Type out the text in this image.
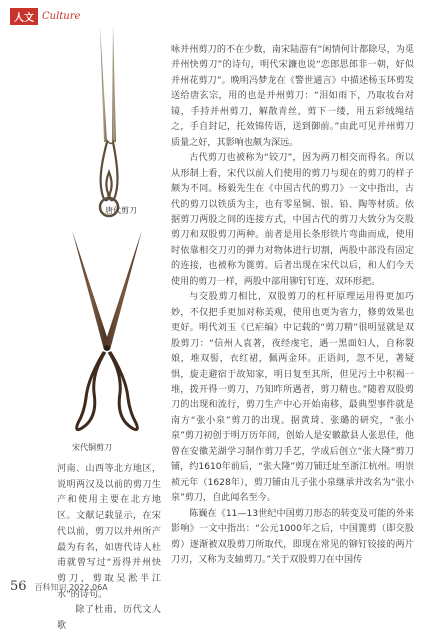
人文 Culture
唐代剪刀
宋代铜剪刀

河南、山西等北方地区，说明两汉及以前的剪刀生产和使用主要在北方地区。文献记载显示，在宋代以前，剪刀以并州所产最为有名，如唐代诗人杜甫就曾写过“焉得并州快剪刀，剪取吴淞半江水”的诗句。

除了杜甫，历代文人歌

咏并州剪刀的不在少数，南宋陆游有“闲情何计都除尽，为觅并州快剪刀”的诗句，明代宋濂也说“恋郎思郎非一朝，好似并州花剪刀”。晚明冯梦龙在《警世通言》中描述杨玉环剪发送给唐玄宗，用的也是并州剪刀：“泪如雨下，乃取妆台对镜，手持并州剪刀，解散青丝，剪下一缕，用五彩绒绳结之，手自封记，托效锦传语，送到御前。”由此可见并州剪刀质量之好，其影响也颇为深远。

古代剪刀也被称为“铰刀”，因为两刀相交而得名。所以从形制上看，宋代以前人们使用的剪刀与现在的剪刀的样子颇为不同。杨毅先生在《中国古代的剪刀》一文中指出，古代的剪刀以铁质为主，也有零星铜、银、铅、陶等材质。依据剪刀两股之间的连接方式，中国古代的剪刀大致分为交股剪刀和双股剪刀两种。前者是用长条形铁片弯曲而成，使用时依靠相交刀刃的弹力对物体进行切割，两股中部没有固定的连接，也被称为篦剪。后者出现在宋代以后，和人们今天使用的剪刀一样，两股中部用铆钉钉连，双环形把。

与交股剪刀相比，双股剪刀的杠杆原理运用得更加巧妙，不仅把手更加对称美观，使用也更为省力，修剪效果也更好。明代刘玉《已疟编》中记载的“剪刀精”很明显就是双股剪刀：“信州人袁著，夜经虔宅，遇一黑面妇人，自称裂娘，堆双髻，衣红裙，佩两金环。正语间，忽不见，著疑惧，旋走避宿于故知家，明日复至其所，但见污土中积褐一堆，拨开得一剪刀，乃知昨所遇者，剪刀精也。”随着双股剪刀的出现和流行，剪刀生产中心开始南移，最典型事件就是南方“张小泉”剪刀的出现。据黄琦、张璐的研究，“张小泉”剪刀初创于明万历年间，创始人是安徽歙县人张思佳，他曾在安徽芜湖学习制作剪刀手艺，学成后创立“张大隆”剪刀铺，约1610年前后，“张大隆”剪刀铺迁址至浙江杭州。明崇祯元年（1628年），剪刀铺由儿子张小泉继承并改名为“张小泉”剪刀，自此闻名至今。

陈巍在《11—13世纪中国剪刀形态的转变及可能的外来影响》一文中指出：“公元1000年之后，中国篦剪（即交股剪）逐渐被双股剪刀所取代，即现在常见的铆钉铰接的两片刀刃，又称为支轴剪刀。”关于双股剪刀在中国传

56 百科知识 2022.06A
